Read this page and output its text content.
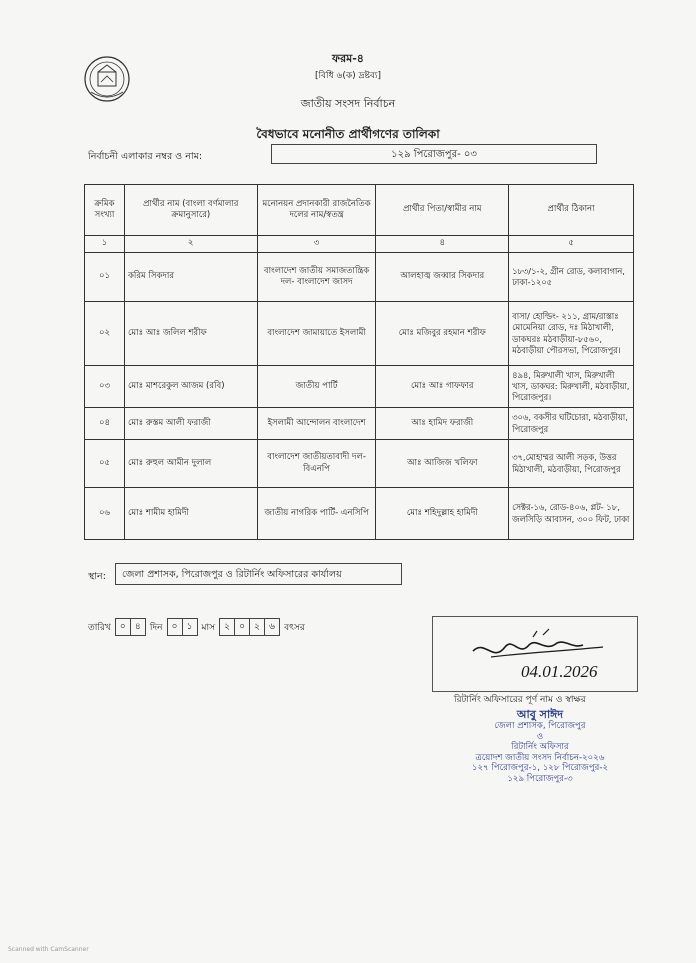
ফরম-৪
[বিধি ৬(ক) দ্রষ্টব্য]
জাতীয় সংসদ নির্বাচন
বৈধভাবে মনোনীত প্রার্থীগণের তালিকা
নির্বাচনী এলাকার নম্বর ও নাম:	১২৯ পিরোজপুর- ০৩
ক্রমিক সংখ্যা	প্রার্থীর নাম (বাংলা বর্ণমালার ক্রমানুসারে)	মনোনয়ন প্রদানকারী রাজনৈতিক দলের নাম/স্বতন্ত্র	প্রার্থীর পিতা/স্বামীর নাম	প্রার্থীর ঠিকানা
১	২	৩	৪	৫
০১	করিম সিকদার	বাংলাদেশ জাতীয় সমাজতান্ত্রিক দল- বাংলাদেশ জাসদ	আলহাজ্ব জব্বার সিকদার	১৮৩/১-২, গ্রীন রোড, কলাবাগান, ঢাকা-১২০৫
০২	মোঃ আঃ জলিল শরীফ	বাংলাদেশ জামায়াতে ইসলামী	মোঃ মজিবুর রহমান শরীফ	বাসা/ হোল্ডিং- ২১১, গ্রাম/রাস্তাঃ মোমেনিয়া রোড, দঃ মিঠাখালী, ডাকঘরঃ মঠবাড়ীয়া-৮৫৬০, মঠবাড়ীয়া পৌরসভা, পিরোজপুর।
০৩	মোঃ মাশরেকুল আজম (রবি)	জাতীয় পার্টি	মোঃ আঃ গাফফার	৪৯৪, মিরুখালী খাস, মিরুখালী খাস, ডাকঘর: মিরুখালী, মঠবাড়ীয়া, পিরোজপুর।
০৪	মোঃ রুস্তম আলী ফরাজী	ইসলামী আন্দোলন বাংলাদেশ	আঃ হামিদ ফরাজী	৩০৬, বকসীর ঘটিচোরা, মঠবাড়ীয়া, পিরোজপুর
০৫	মোঃ রুহুল আমীন দুলাল	বাংলাদেশ জাতীয়তাবাদী দল- বিএনপি	আঃ আজিজ খলিফা	৩৭,মোহাম্মর আলী সড়ক, উত্তর মিঠাখালী, মঠবাড়ীয়া, পিরোজপুর
০৬	মোঃ শামীম হামিদী	জাতীয় নাগরিক পার্টি- এনসিপি	মোঃ শহিদুল্লাহ হামিদী	সেক্টর-১৬, রোড-৪০৬, প্লট- ১৮, জলসিড়ি আবাসন, ৩০০ ফিট, ঢাকা
স্থান:	জেলা প্রশাসক, পিরোজপুর ও রিটার্নিং অফিসারের কার্যালয়
তারিখ	০	৪	দিন	০	১	মাস	২	০	২	৬	বৎসর
04.01.2026
রিটার্নিং অফিসারের পূর্ণ নাম ও স্বাক্ষর
আবু সাঈদ
জেলা প্রশাসক, পিরোজপুর
ও
রিটার্নিং অফিসার
ত্রয়োদশ জাতীয় সংসদ নির্বাচন-২০২৬
১২৭ পিরোজপুর-১, ১২৮ পিরোজপুর-২
১২৯ পিরোজপুর-৩
Scanned with CamScanner
